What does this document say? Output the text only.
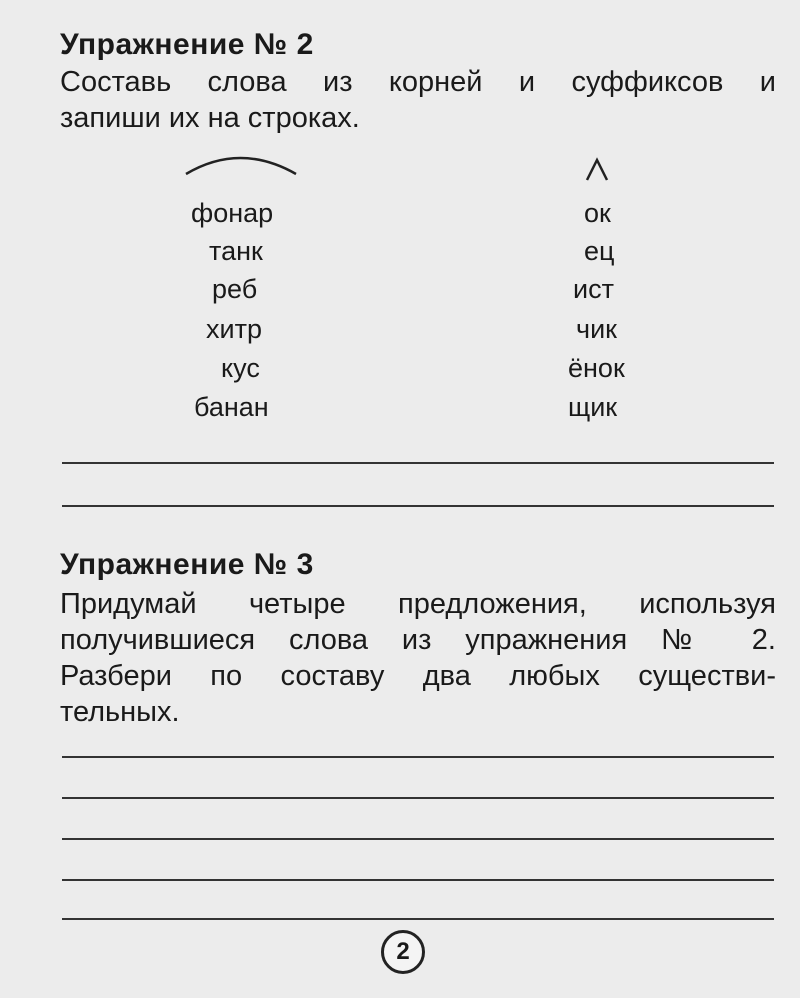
Упражнение № 2
Составь слова из корней и суффиксов и
запиши их на строках.
фонар
танк
реб
хитр
кус
банан
ок
ец
ист
чик
ёнок
щик
Упражнение № 3
Придумай четыре предложения, используя
получившиеся слова из упражнения № 2.
Разбери по составу два любых существи-
тельных.
2
